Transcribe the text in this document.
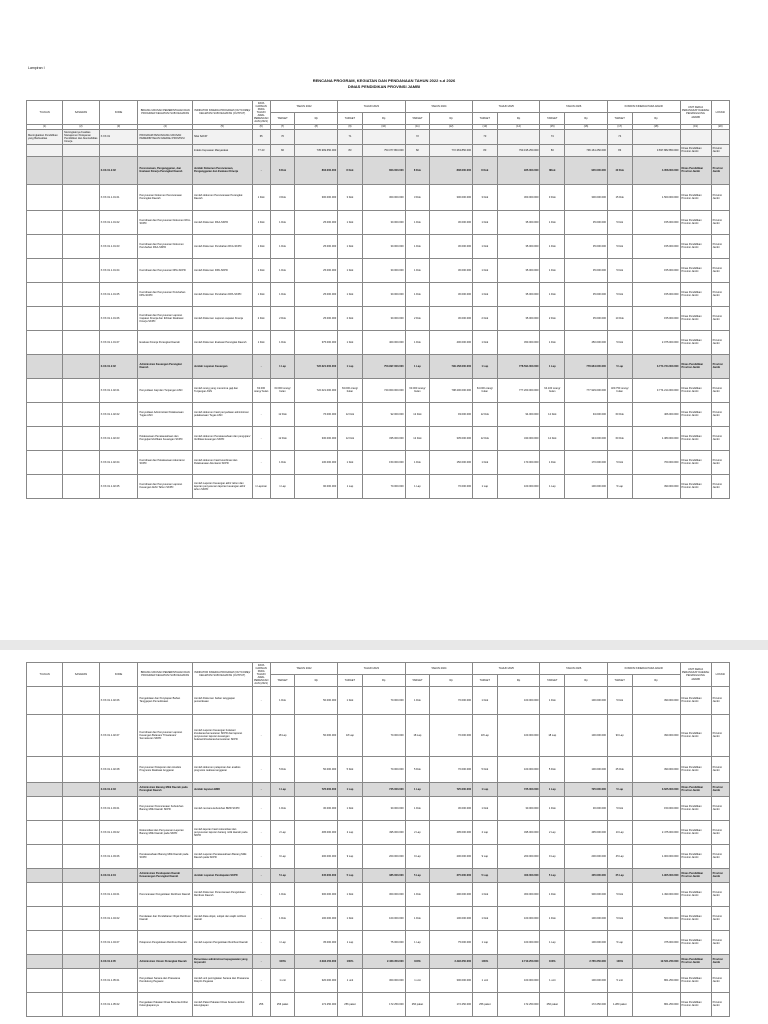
Lampiran I
RENCANA PROGRAM, KEGIATAN DAN PENDANAAN TAHUN 2022 s.d 2026
DINAS PENDIDIKAN PROVINSI JAMBI
TUJUAN	SASARAN	KODE	BIDANG URUSAN PEMERINTAHAN DAN PROGRAM/ KEGIATAN/ SUB KEGIATAN	INDIKATOR KINERJA PROGRAM (OUTCOME)/ KEGIATAN/ SUB KEGIATAN (OUTPUT)	DATA CAPAIAN PADA TAHUN AWAL PERENCANAAN (2021)	TAHUN 2022		TAHUN 2023		TAHUN 2024		TAHUN 2025		TAHUN 2026		KONDISI KINERJA PADA AKHIR		UNIT KERJA PERANGKAT DAERAH PENANGGUNG JAWAB	LOKASI
						TARGET	Rp	TARGET	Rp	TARGET	Rp	TARGET	Rp	TARGET	Rp	TARGET	Rp		
(1)	(2)	(3)	(4)	(5)	(6)	(7)	(8)	(9)	(10)	(11)	(12)	(13)	(14)	(15)	(16)	(17)	(18)	(19)	(20)
Meningkatkan Pendidikan yang Berkualitas	Meningkatnya Kualitas Manajemen Pelayanan Pendidikan dan Akuntabilitas Kinerja	X.XX.01	PROGRAM PENUNJANG URUSAN PEMERINTAHAN DAERAH PROVINSI	Nilai SAKIP	65	70		71		72		73		74		74			
				Indeks Kepuasan Masyarakat	77.43	82	735.999.650.000	83	753.377.803.000	82	772.363.850.000	83	793.195.250.000	83	796.161.250.000	83	3.837.882.850.000	Dinas Pendidikan Provinsi Jambi	Provinsi Jambi
		X.XX.01.2.02	Perencanaan, Penganggaran, dan Evaluasi Kinerja Perangkat Daerah	Jumlah Dokumen Perencanaan, Penganggaran dan Evaluasi Kinerja	-	8 Dok	803.000.000	8 Dok	803.000.000	8 Dok	808.000.000	8 Dok	925.000.000	8Dok	935.000.000	40 Dok	4.358.000.000	Dinas Pendidikan Provinsi Jambi	Provinsi Jambi
		X.XX.01.1.01.01	Penyusunan Dokumen Perencanaan Perangkat Daerah	Jumlah dokumen Perencanaan Perangkat Daerah	1 Dok	3 Dok	300.000.000	3 Dok	300.000.000	3 Dok	300.000.000	3 Dok	300.000.000	3 Dok	300.000.000	15 Dok	1.500.000.000	Dinas Pendidikan Provinsi Jambi	Provinsi Jambi
		X.XX.01.1.01.02	Koordinasi dan Penyusunan Dokumen RKA-SKPD	Jumlah Dokumen RKA-SKPD	1 Dok	1 Dok	25.000.000	1 Dok	30.000.000	1 Dok	30.000.000	1 Dok	35.000.000	1 Dok	35.000.000	5 Dok	155.000.000	Dinas Pendidikan Provinsi Jambi	Provinsi Jambi
		X.XX.01.1.01.03	Koordinasi dan Penyusunan Dokumen Perubahan RKA-SKPD	Jumlah Dokumen Perubahan RKA-SKPD	1 Dok	1 Dok	25.000.000	1 Dok	30.000.000	1 Dok	30.000.000	1 Dok	35.000.000	1 Dok	35.000.000	5 Dok	155.000.000	Dinas Pendidikan Provinsi Jambi	Provinsi Jambi
		X.XX.01.1.01.04	Koordinasi dan Penyusunan DPA-SKPD	Jumlah Dokumen DPA-SKPD	1 Dok	1 Dok	25.000.000	1 Dok	30.000.000	1 Dok	30.000.000	1 Dok	35.000.000	1 Dok	35.000.000	5 Dok	155.000.000	Dinas Pendidikan Provinsi Jambi	Provinsi Jambi
		X.XX.01.1.01.05	Koordinasi dan Penyusunan Perubahan DPA-SKPD	Jumlah Dokumen Perubahan DPA-SKPD	1 Dok	1 Dok	25.000.000	1 Dok	30.000.000	1 Dok	30.000.000	1 Dok	35.000.000	1 Dok	35.000.000	5 Dok	155.000.000	Dinas Pendidikan Provinsi Jambi	Provinsi Jambi
		X.XX.01.1.01.06	Koordinasi dan Penyusunan Laporan Capaian Kinerja dan Ikhtisar Realisasi Kinerja SKPD	Jumlah Dokumen Laporan capaian Kinerja	2 Dok	2 Dok	25.000.000	2 Dok	30.000.000	2 Dok	30.000.000	2 Dok	35.000.000	2 Dok	35.000.000	10 Dok	155.000.000	Dinas Pendidikan Provinsi Jambi	Provinsi Jambi
		X.XX.01.1.01.07	Evaluasi Kinerja Perangkat Daerah	Jumlah Dokumen Evaluasi Perangkat Daerah	1 Dok	1 Dok	375.000.000	1 Dok	400.000.000	1 Dok	400.000.000	1 Dok	450.000.000	1 Dok	450.000.000	5 Dok	2.075.000.000	Dinas Pendidikan Provinsi Jambi	Provinsi Jambi
		X.XX.01.2.02	Administrasi Keuangan Perangkat Daerah	Jumlah Layanan Keuangan	-	1 Lap	722.021.000.000	1 Lap	750.997.000.000	1 Lap	799.158.000.000	1 Lap	778.594.000.000	1 Lap	778.964.000.000	5 Lap	3.774.734.000.000	Dinas Pendidikan Provinsi Jambi	Provinsi Jambi
		X.XX.01.1.02.01	Penyediaan Gaji dan Tunjangan ASN	Jumlah orang yang menerima gaji dan Tunjangan ASN	63.000 orang/ bulan	63.000 orang/ bulan	722.021.000.000	63.000 orang/ bulan	740.000.000.000	63.000 orang/ bulan	798.200.000.000	64.000 orang/ bulan	777.200.000.000	64.100 orang/ bulan	777.929.000.000	320.750 orang/ bulan	3.774.214.000.000	Dinas Pendidikan Provinsi Jambi	Provinsi Jambi
		X.XX.01.1.02.02	Penyediaan Administrasi Pelaksanaan Tugas ASN	Jumlah dokumen hasil penyediaan administrasi pelaksanaan Tugas ASN	-	12 Dok	76.000.000	12 Dok	92.000.000	12 Dok	93.000.000	12 Dok	94.000.000	12 Dok	94.000.000	60 Dok	466.000.000	Dinas Pendidikan Provinsi Jambi	Provinsi Jambi
		X.XX.01.1.02.03	Pelaksanaan Penatausahaan dan Pengujian/Verifikasi Keuangan SKPD	Jumlah dokumen Penatausahaan dan pengujian/ Verifikasi keuangan SKPD	-	12 Dok	330.000.000	12 Dok	335.000.000	12 Dok	335.000.000	12 Dok	340.000.000	12 Dok	343.000.000	60 Dok	1.380.000.000	Dinas Pendidikan Provinsi Jambi	Provinsi Jambi
		X.XX.01.1.02.04	Koordinasi dan Pelaksanaan Akuntansi SKPD	Jumlah dokumen hasil koordinasi dan Pelaksanaan Akuntansi SKPD	-	1 Dok	130.000.000	1 Dok	150.000.000	1 Dok	150.000.000	1 Dok	170.000.000	1 Dok	170.000.000	5 Dok	760.000.000	Dinas Pendidikan Provinsi Jambi	Provinsi Jambi
		X.XX.01.1.02.05	Koordinasi dan Penyusunan Laporan Keuangan Akhir Tahun SKPD	Jumlah Laporan Keuangan akhir tahun dan laporan penyusunan laporan keuangan akhir tahun SKPD	1 Laporan	1 Lap	90.000.000	1 Lap	70.000.000	1 Lap	70.000.000	1 Lap	100.000.000	1 Lap	100.000.000	5 Lap	390.000.000	Dinas Pendidikan Provinsi Jambi	Provinsi Jambi
TUJUAN	SASARAN	KODE	BIDANG URUSAN PEMERINTAHAN DAN PROGRAM/ KEGIATAN/ SUB KEGIATAN	INDIKATOR KINERJA PROGRAM (OUTCOME)/ KEGIATAN/ SUB KEGIATAN (OUTPUT)	DATA CAPAIAN PADA TAHUN AWAL PERENCANAAN (2021)	TAHUN 2022		TAHUN 2023		TAHUN 2024		TAHUN 2025		TAHUN 2026		KONDISI KINERJA PADA AKHIR		UNIT KERJA PERANGKAT DAERAH PENANGGUNG JAWAB	LOKASI
						TARGET	Rp	TARGET	Rp	TARGET	Rp	TARGET	Rp	TARGET	Rp	TARGET	Rp		
		X.XX.01.1.02.06	Pengelolaan dan Penyiapan Bahan Tanggapan Pemeriksaan	Jumlah Dokumen bahan tanggapan pemeriksaan	-	1 Dok	50.000.000	1 Dok	70.000.000	1 Dok	70.000.000	1 Dok	100.000.000	1 Dok	100.000.000	5 Dok	390.000.000	Dinas Pendidikan Provinsi Jambi	Provinsi Jambi
		X.XX.01.1.02.07	Koordinasi dan Penyusunan Laporan Keuangan Bulanan/ Triwulanan/ Semesteran SKPD	Jumlah Laporan Keuangan bulanan/ triwulanan/semesteran SKPD dan laporan penyusunan laporan keuangan bulanan/triwulanan/semesteran SKPD	-	18 Lap	50.000.000	18 Lap	70.000.000	18 Lap	70.000.000	18 Lap	100.000.000	18 Lap	100.000.000	90 Lap	390.000.000	Dinas Pendidikan Provinsi Jambi	Provinsi Jambi
		X.XX.01.1.02.08	Penyusunan Pelaporan dan Analisis Prognosis Realisasi Anggaran	Jumlah dokumen pelaporan dan analisis prognosis realisasi anggaran	-	5 Dok	50.000.000	5 Dok	70.000.000	5 Dok	70.000.000	5 Dok	100.000.000	5 Dok	100.000.000	25 Dok	390.000.000	Dinas Pendidikan Provinsi Jambi	Provinsi Jambi
		X.XX.01.2.03	Administrasi Barang Milik Daerah pada Perangkat Daerah	Jumlah layanan BMD	-	1 Lap	725.000.000	1 Lap	725.000.000	1 Lap	725.000.000	1 Lap	725.000.000	1 Lap	725.000.000	5 Lap	3.625.000.000	Dinas Pendidikan Provinsi Jambi	Provinsi Jambi
		X.XX.01.1.03.01	Penyusunan Perencanaan Kebutuhan Barang Milik Daerah SKPD	Jumlah rencana kebutuhan BMD SKPD	-	1 Dok	30.000.000	1 Dok	30.000.000	1 Dok	30.000.000	1 Dok	30.000.000	1 Dok	30.000.000	5 Dok	150.000.000	Dinas Pendidikan Provinsi Jambi	Provinsi Jambi
		X.XX.01.1.03.02	Rekonsiliasi dan Penyusunan Laporan Barang Milik Daerah pada SKPD	Jumlah laporan hasil rekonsiliasi dan penyusunan laporan barang milik daerah pada SKPD	-	2 Lap	495.000.000	2 Lap	495.000.000	2 Lap	495.000.000	2 Lap	495.000.000	2 Lap	495.000.000	10 Lap	2.475.000.000	Dinas Pendidikan Provinsi Jambi	Provinsi Jambi
		X.XX.01.1.03.06	Penatausahaan Barang Milik Daerah pada SKPD	Jumlah Laporan Penatausahaan Barang Milik Daerah pada SKPD	-	9 Lap	200.000.000	9 Lap	200.000.000	9 Lap	200.000.000	9 Lap	200.000.000	9 Lap	200.000.000	45 Lap	1.000.000.000	Dinas Pendidikan Provinsi Jambi	Provinsi Jambi
		X.XX.01.2.04	Administrasi Pendapatan Daerah Kewenangan Perangkat Daerah	Jumlah Layanan Pendapatan SKPD	-	5 Lap	345.000.000	5 Lap	385.000.000	5 Lap	375.000.000	5 Lap	400.000.000	5 Lap	405.000.000	25 Lap	1.905.000.000	Dinas Pendidikan Provinsi Jambi	Provinsi Jambi
		X.XX.01.1.04.01	Perencanaan Pengelolaan Retribusi Daerah	Jumlah Dokumen Perencanaan Pengelolaan Retribusi Daerah	-	1 Dok	300.000.000	1 Dok	300.000.000	1 Dok	290.000.000	1 Dok	300.000.000	1 Dok	300.000.000	5 Dok	1.490.000.000	Dinas Pendidikan Provinsi Jambi	Provinsi Jambi
		X.XX.01.1.04.02	Pendataan dan Pendaftaran Objek Retribusi Daerah	Jumlah Data objek, subjek dan wajib retribusi daerah	-	1 Dok	100.000.000	1 Dok	100.000.000	1 Dok	100.000.000	1 Dok	100.000.000	1 Dok	100.000.000	5 Dok	500.000.000	Dinas Pendidikan Provinsi Jambi	Provinsi Jambi
		X.XX.01.1.04.07	Pelaporan Pengelolaan Retribusi Daerah	Jumlah Laporan Pengelolaan Retribusi Daerah	-	1 Lap	35.000.000	1 Lap	75.000.000	1 Lap	75.000.000	1 Lap	100.000.000	1 Lap	100.000.000	5 Lap	375.000.000	Dinas Pendidikan Provinsi Jambi	Provinsi Jambi
		X.XX.01.2.05	Administrasi Umum Perangkat Daerah	Persentase administrasi kepegawaian yang terpenuhi	-	100%	2.093.150.000	100%	2.460.353.000	100%	2.492.250.000	100%	2.710.250.000	100%	2.765.250.000	100%	12.521.250.000	Dinas Pendidikan Provinsi Jambi	Provinsi Jambi
		X.XX.01.1.05.01	Penyediaan Sarana dan Prasarana Pendukung Pegawai	Jumlah unit peningkatan Sarana dan Prasarana Disiplin Pegawai	-	1 unit	320.000.000	1 unit	300.000.000	1 unit	300.000.000	1 unit	100.000.000	1 unit	100.000.000	5 unit	861.250.000	Dinas Pendidikan Provinsi Jambi	Provinsi Jambi
		X.XX.01.1.05.02	Pengadaan Pakaian Dinas Beserta Atribut Kelengkapannya	Jumlah Paket Pakaian Dinas beserta atribut kelengkapan	256	256 paket	172.250.000	256 paket	172.250.000	256 paket	172.250.000	256 paket	172.250.000	256 paket	172.250.000	1.280 paket	861.250.000	Dinas Pendidikan Provinsi Jambi	Provinsi Jambi
